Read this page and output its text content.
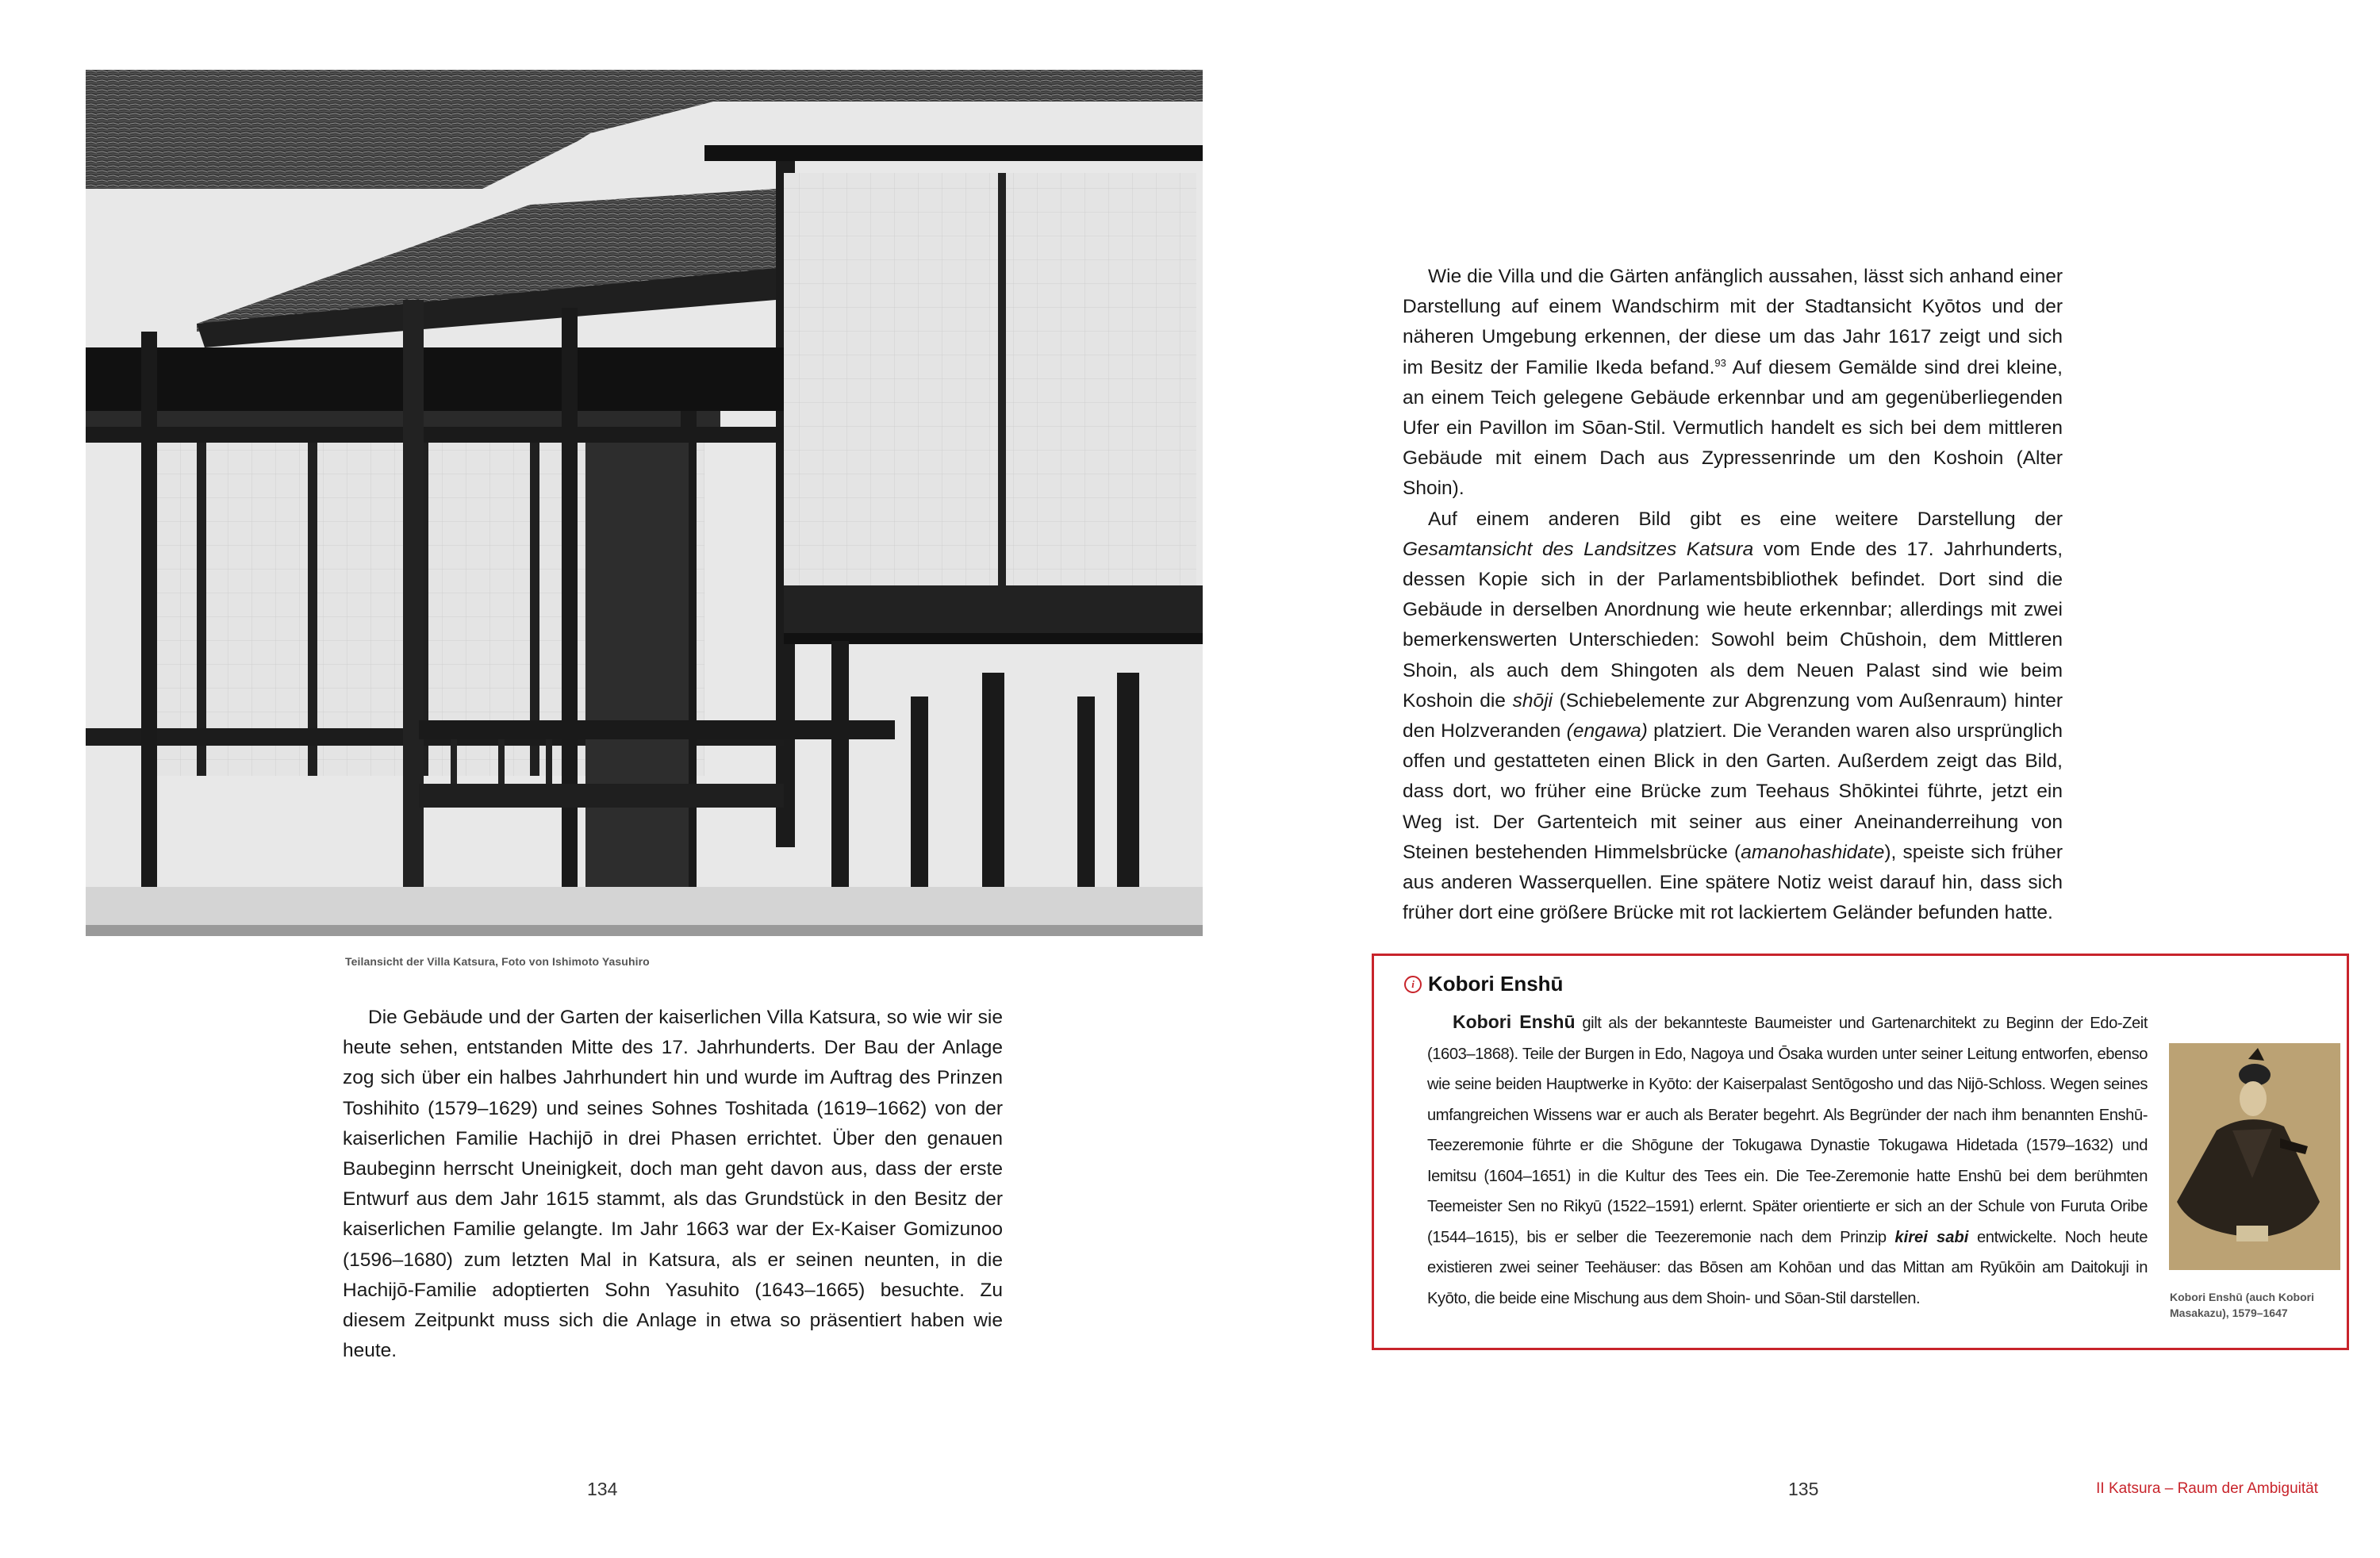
Teilansicht der Villa Katsura, Foto von Ishimoto Yasuhiro

Die Gebäude und der Garten der kaiserlichen Villa Katsura, so wie wir sie heute sehen, entstanden Mitte des 17. Jahrhunderts. Der Bau der Anlage zog sich über ein halbes Jahrhundert hin und wurde im Auftrag des Prinzen Toshihito (1579–1629) und seines Sohnes Toshitada (1619–1662) von der kaiserlichen Familie Hachijō in drei Phasen errichtet. Über den genauen Baubeginn herrscht Uneinigkeit, doch man geht davon aus, dass der erste Entwurf aus dem Jahr 1615 stammt, als das Grundstück in den Besitz der kaiserlichen Familie gelangte. Im Jahr 1663 war der Ex-Kaiser Gomizunoo (1596–1680) zum letzten Mal in Katsura, als er seinen neunten, in die Hachijō-Familie adoptierten Sohn Yasuhito (1643–1665) besuchte. Zu diesem Zeitpunkt muss sich die Anlage in etwa so präsentiert haben wie heute.

134

Wie die Villa und die Gärten anfänglich aussahen, lässt sich anhand einer Darstellung auf einem Wandschirm mit der Stadtansicht Kyōtos und der näheren Umgebung erkennen, der diese um das Jahr 1617 zeigt und sich im Besitz der Familie Ikeda befand.$^{93}$ Auf diesem Gemälde sind drei kleine, an einem Teich gelegene Gebäude erkennbar und am gegenüberliegenden Ufer ein Pavillon im Sōan-Stil. Vermutlich handelt es sich bei dem mittleren Gebäude mit einem Dach aus Zypressenrinde um den Koshoin (Alter Shoin).

Auf einem anderen Bild gibt es eine weitere Darstellung der Gesamtansicht des Landsitzes Katsura vom Ende des 17. Jahrhunderts, dessen Kopie sich in der Parlamentsbibliothek befindet. Dort sind die Gebäude in derselben Anordnung wie heute erkennbar; allerdings mit zwei bemerkenswerten Unterschieden: Sowohl beim Chūshoin, dem Mittleren Shoin, als auch dem Shingoten als dem Neuen Palast sind wie beim Koshoin die shōji (Schiebelemente zur Abgrenzung vom Außenraum) hinter den Holzveranden (engawa) platziert. Die Veranden waren also ursprünglich offen und gestatteten einen Blick in den Garten. Außerdem zeigt das Bild, dass dort, wo früher eine Brücke zum Teehaus Shōkintei führte, jetzt ein Weg ist. Der Gartenteich mit seiner aus einer Aneinanderreihung von Steinen bestehenden Himmelsbrücke (amanohashidate), speiste sich früher aus anderen Wasserquellen. Eine spätere Notiz weist darauf hin, dass sich früher dort eine größere Brücke mit rot lackiertem Geländer befunden hatte.

i Kobori Enshū

Kobori Enshū gilt als der bekannteste Baumeister und Gartenarchitekt zu Beginn der Edo-Zeit (1603–1868). Teile der Burgen in Edo, Nagoya und Ōsaka wurden unter seiner Leitung entworfen, ebenso wie seine beiden Hauptwerke in Kyōto: der Kaiserpalast Sentōgosho und das Nijō-Schloss. Wegen seines umfangreichen Wissens war er auch als Berater begehrt. Als Begründer der nach ihm benannten Enshū-Teezeremonie führte er die Shōgune der Tokugawa Dynastie Tokugawa Hidetada (1579–1632) und Iemitsu (1604–1651) in die Kultur des Tees ein. Die Tee-Zeremonie hatte Enshū bei dem berühmten Teemeister Sen no Rikyū (1522–1591) erlernt. Später orientierte er sich an der Schule von Furuta Oribe (1544–1615), bis er selber die Teezeremonie nach dem Prinzip kirei sabi entwickelte. Noch heute existieren zwei seiner Teehäuser: das Bōsen am Kohōan und das Mittan am Ryūkōin am Daitokuji in Kyōto, die beide eine Mischung aus dem Shoin- und Sōan-Stil darstellen.	Kobori Enshū (auch Kobori Masakazu), 1579–1647
135	II Katsura – Raum der Ambiguität
